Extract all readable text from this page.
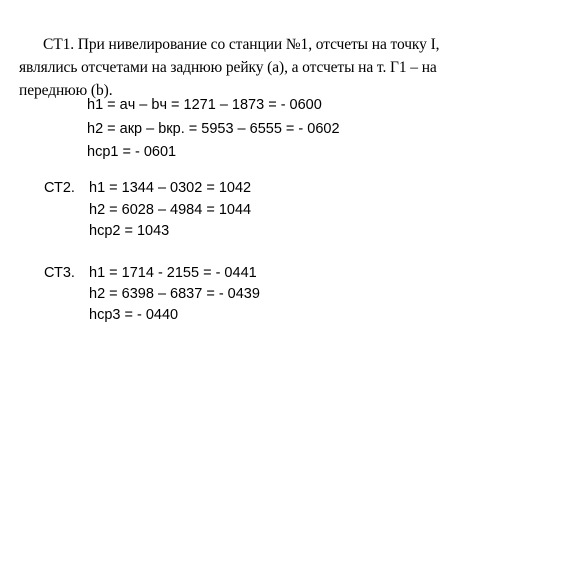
СТ1. При нивелирование со станции №1, отсчеты на точку I,
являлись отсчетами на заднюю рейку (a), а отсчеты на т. Г1 – на
переднюю (b).
h1 = aч – bч = 1271 – 1873 = - 0600
h2 = aкр – bкр. = 5953 – 6555 = - 0602
hср1 = - 0601
СТ2. h1 = 1344 – 0302 = 1042
h2 = 6028 – 4984 = 1044
hср2 = 1043
СТ3. h1 = 1714 - 2155 = - 0441
h2 = 6398 – 6837 = - 0439
hср3 = - 0440
